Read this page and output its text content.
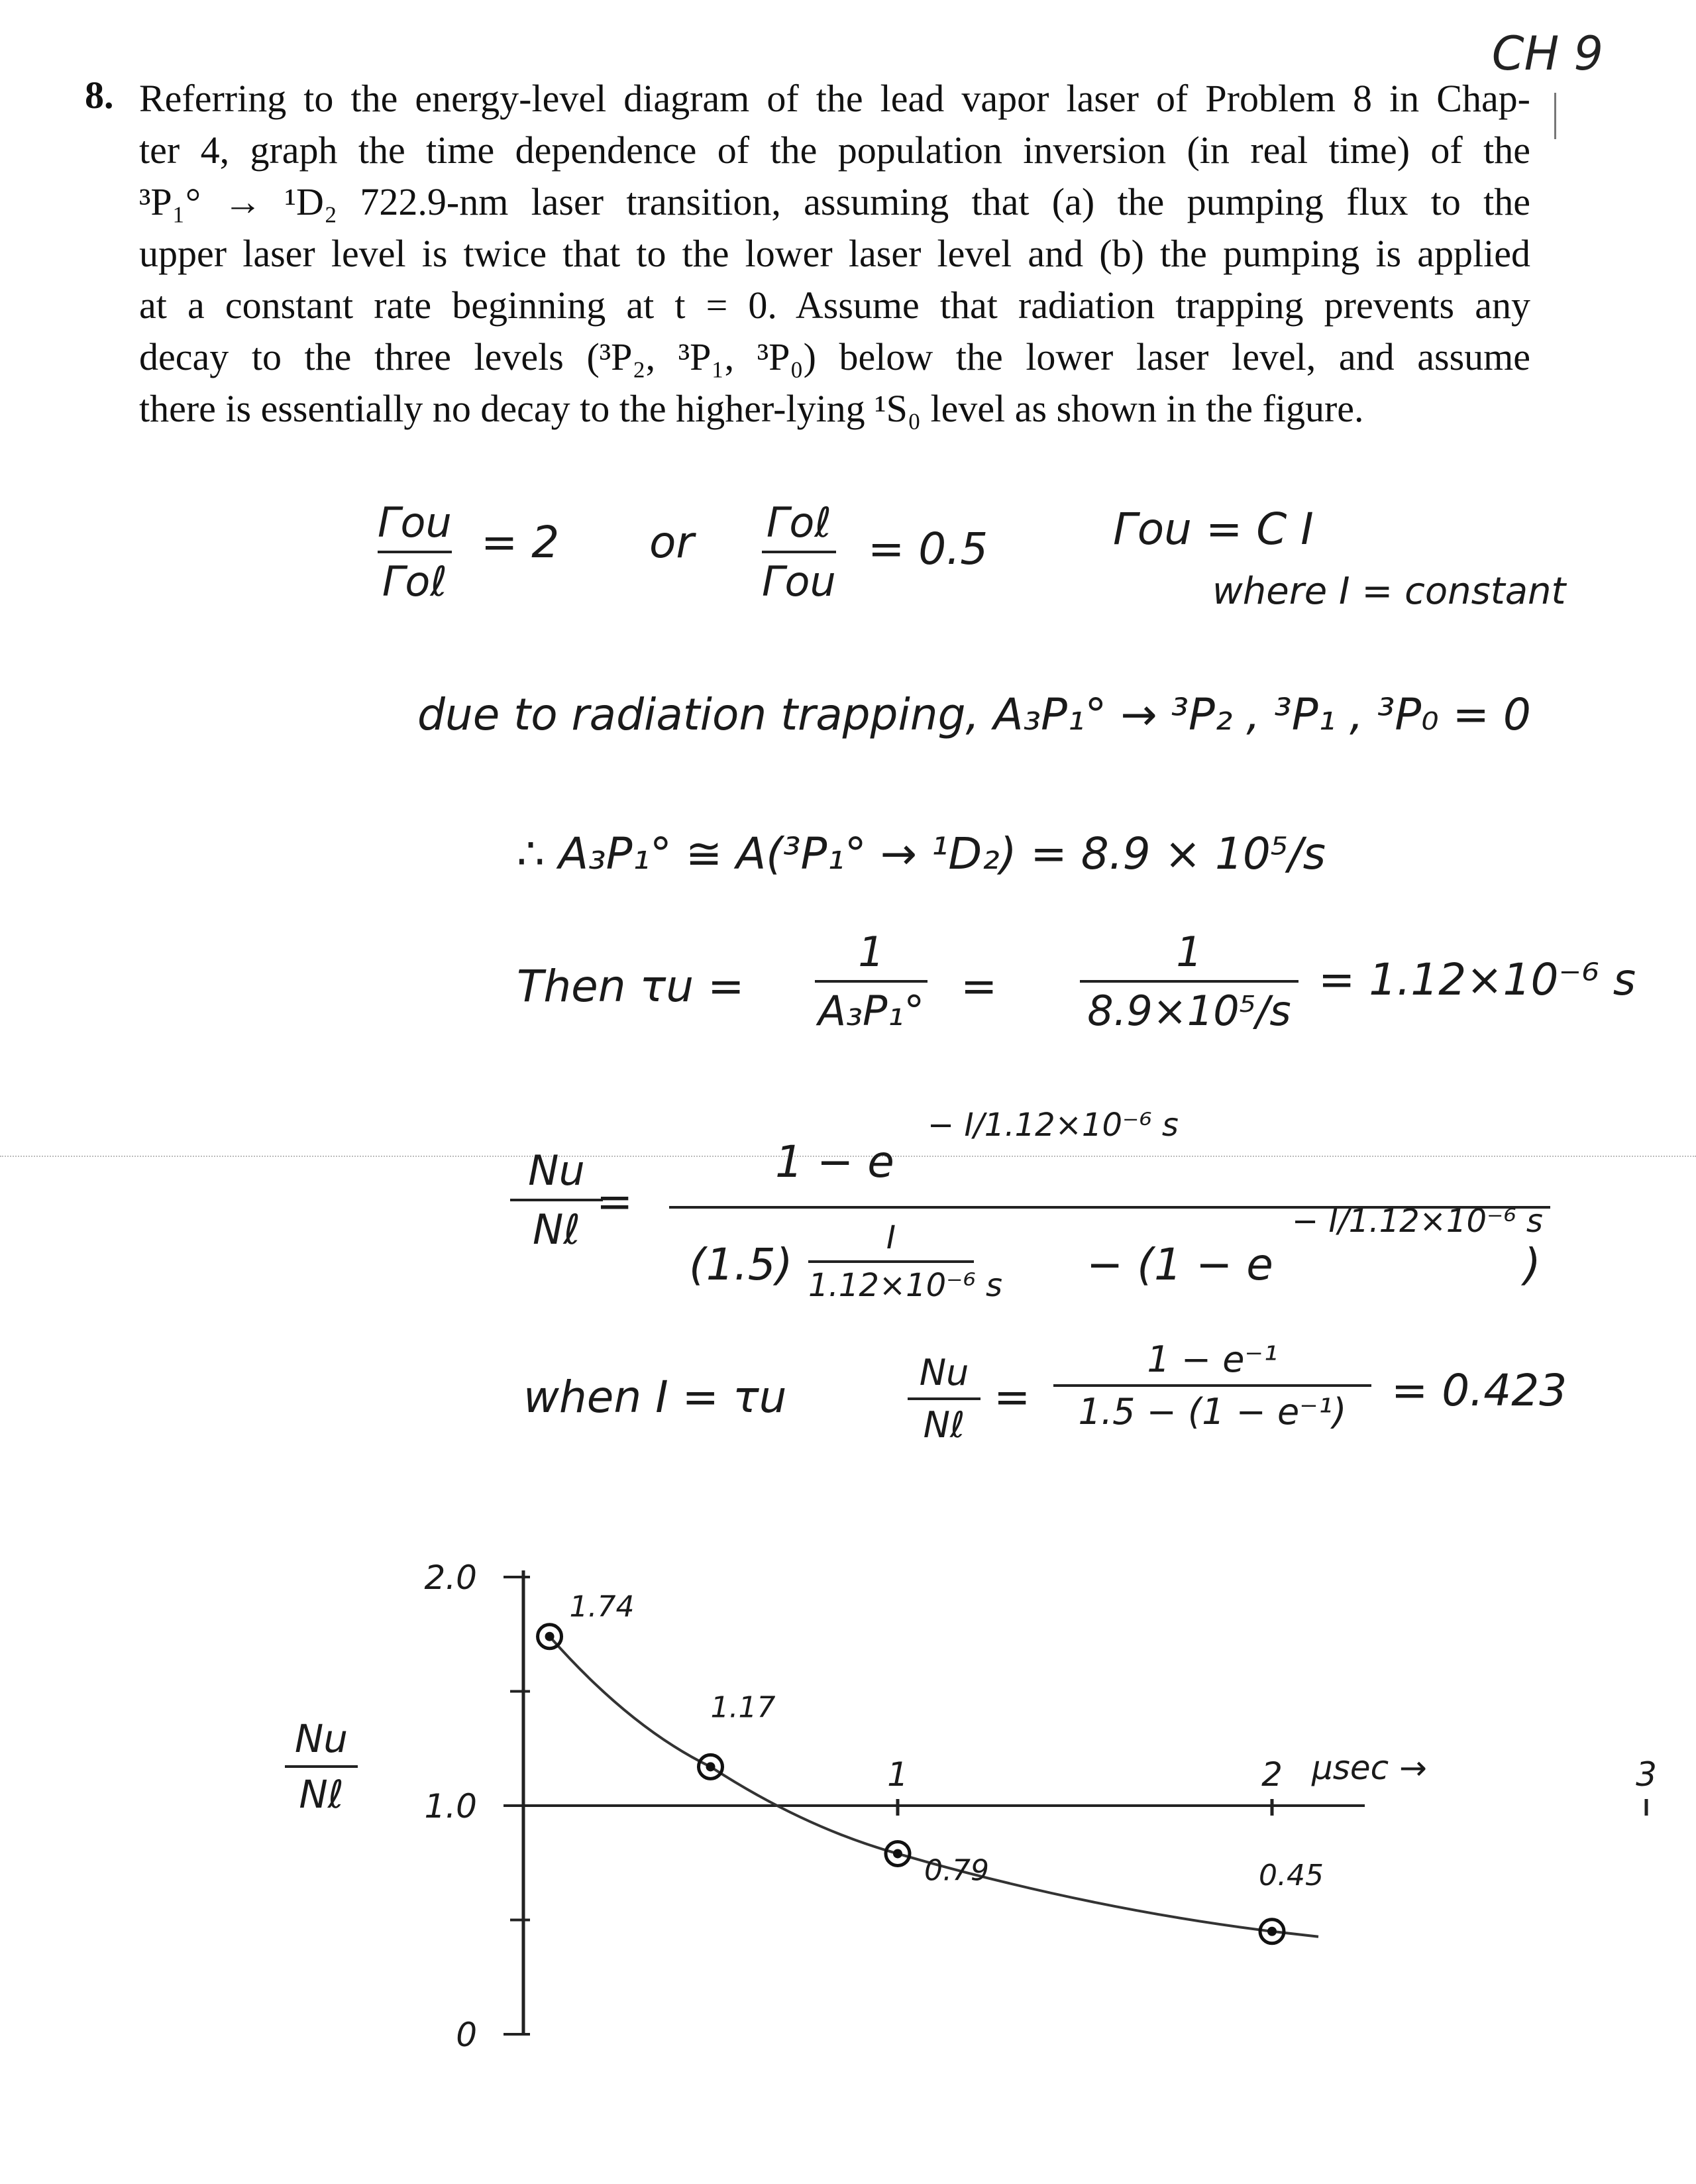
CH 9
8. Referring to the energy-level diagram of the lead vapor laser of Problem 8 in Chap-
ter 4, graph the time dependence of the population inversion (in real time) of the
³P₁° → ¹D₂ 722.9-nm laser transition, assuming that (a) the pumping flux to the
upper laser level is twice that to the lower laser level and (b) the pumping is applied
at a constant rate beginning at t = 0. Assume that radiation trapping prevents any
decay to the three levels (³P₂, ³P₁, ³P₀) below the lower laser level, and assume
there is essentially no decay to the higher-lying ¹S₀ level as shown in the figure.
Γou
Γoℓ
= 2 or Γoℓ
Γou
= 0.5	Γou = C I
where I = constant
due to radiation trapping, A₃P₁° → ³P₂ , ³P₁ , ³P₀ = 0
∴ A₃P₁° ≅ A(³P₁° → ¹D₂) = 8.9 × 10⁵/s
Then τu =
1
A₃P₁° =
1
8.9×10⁵/s
= 1.12×10⁻⁶ s
Nu
Nℓ
=
1 − e
− I/1.12×10⁻⁶ s
(1.5)
I
1.12×10⁻⁶ s − (1 − e
− I/1.12×10⁻⁶ s
)
when I = τu	Nu
Nℓ
=
1 − e⁻¹
1.5 − (1 − e⁻¹)	= 0.423
2.0
1.0
0
1	2	3
μsec →
1.74
1.17
0.79	0.45
Nu
Nℓ
